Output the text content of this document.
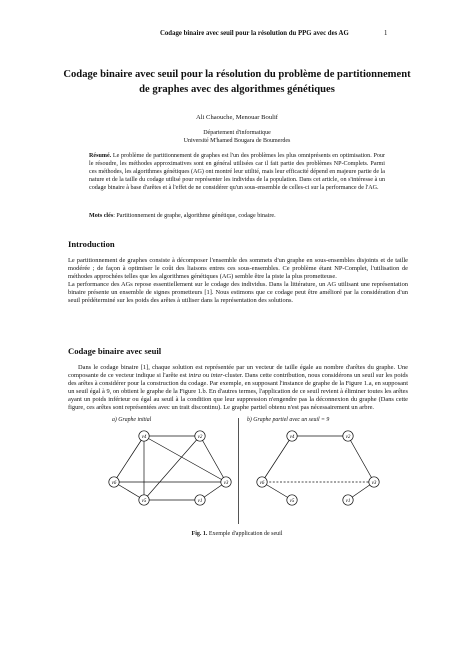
Codage binaire avec seuil pour la résolution du PPG avec des AG	1
Codage binaire avec seuil pour la résolution du problème de partitionnement de graphes avec des algorithmes génétiques
Ali Chaouche, Menouar Boulif
Département d'informatique
Université M'hamed Bougara de Boumerdes
Résumé. Le problème de partitionnement de graphes est l'un des problèmes les plus omniprésents en optimisation. Pour le résoudre, les méthodes approximatives sont en général utilisées car il fait partie des problèmes NP-Complets. Parmi ces méthodes, les algorithmes génétiques (AG) ont montré leur utilité, mais leur efficacité dépend en majeure partie de la nature et de la taille du codage utilisé pour représenter les individus de la population. Dans cet article, on s'intéresse à un codage binaire à base d'arêtes et à l'effet de ne considérer qu'un sous-ensemble de celles-ci sur la performance de l'AG.
Mots clés: Partitionnement de graphe, algorithme génétique, codage binaire.
Introduction

Le partitionnement de graphes consiste à décomposer l'ensemble des sommets d'un graphe en sous-ensembles disjoints et de taille modérée ; de façon à optimiser le coût des liaisons entres ces sous-ensembles. Ce problème étant NP-Complet, l'utilisation de méthodes approchées telles que les algorithmes génétiques (AG) semble être la piste la plus prometteuse.

La performance des AGs repose essentiellement sur le codage des individus. Dans la littérature, un AG utilisant une représentation binaire présente un ensemble de signes prometteurs [1]. Nous estimons que ce codage peut être amélioré par la considération d'un seuil prédéterminé sur les poids des arêtes à utiliser dans la représentation des solutions.

Codage binaire avec seuil

Dans le codage binaire [1], chaque solution est représentée par un vecteur de taille égale au nombre d'arêtes du graphe. Une composante de ce vecteur indique si l'arête est intra ou inter-cluster. Dans cette contribution, nous considérons un seuil sur les poids des arêtes à considérer pour la construction du codage. Par exemple, en supposant l'instance de graphe de la Figure 1.a, en supposant un seuil égal à 9, on obtient le graphe de la Figure 1.b. En d'autres termes, l'application de ce seuil revient à éliminer toutes les arêtes ayant un poids inférieur ou égal au seuil à la condition que leur suppression n'engendre pas la déconnexion du graphe (Dans cette figure, ces arêtes sont représentées avec un trait discontinu). Le graphe partiel obtenu n'est pas nécessairement un arbre.

a) Graphe initial	b) Graphe partiel avec un seuil = 9
v6
v4	v2
v5	v1
v3	v6
v4	v2
v5	v1
v3
Fig. 1. Exemple d'application de seuil
